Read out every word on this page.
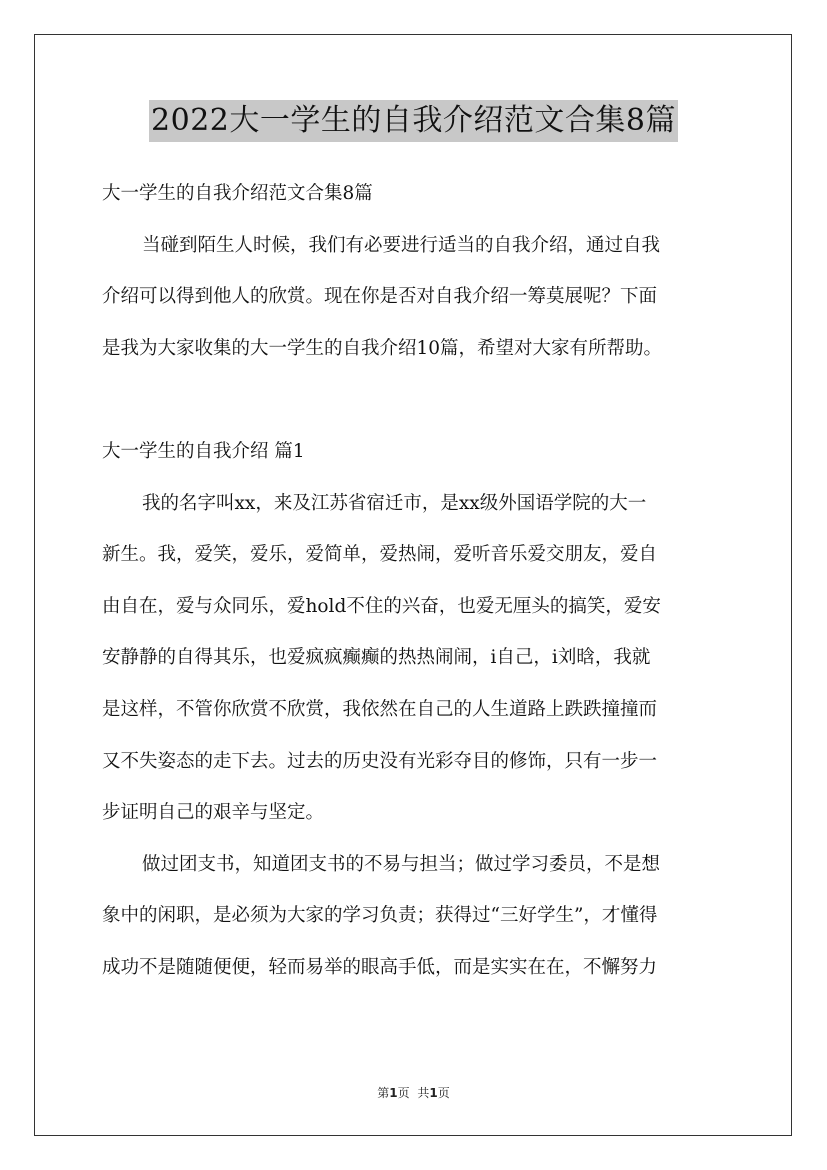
2022大一学生的自我介绍范文合集8篇
大一学生的自我介绍范文合集8篇
当碰到陌生人时候，我们有必要进行适当的自我介绍，通过自我
介绍可以得到他人的欣赏。现在你是否对自我介绍一筹莫展呢？下面
是我为大家收集的大一学生的自我介绍10篇，希望对大家有所帮助。
大一学生的自我介绍 篇1
我的名字叫xx，来及江苏省宿迁市，是xx级外国语学院的大一
新生。我，爱笑，爱乐，爱简单，爱热闹，爱听音乐爱交朋友，爱自
由自在，爱与众同乐，爱hold不住的兴奋，也爱无厘头的搞笑，爱安
安静静的自得其乐，也爱疯疯癫癫的热热闹闹，i自己，i刘晗，我就
是这样，不管你欣赏不欣赏，我依然在自己的人生道路上跌跌撞撞而
又不失姿态的走下去。过去的历史没有光彩夺目的修饰，只有一步一
步证明自己的艰辛与坚定。
做过团支书，知道团支书的不易与担当；做过学习委员，不是想
象中的闲职，是必须为大家的学习负责；获得过“三好学生”，才懂得
成功不是随随便便，轻而易举的眼高手低，而是实实在在，不懈努力
第1页 共1页
